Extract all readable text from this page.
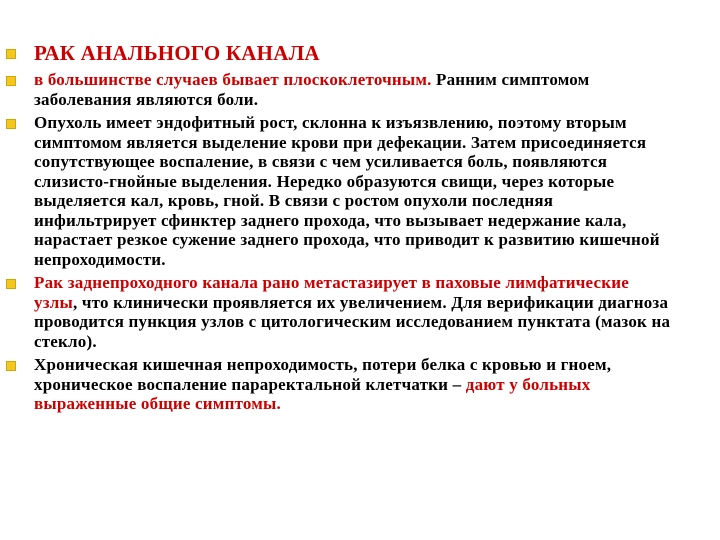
РАК АНАЛЬНОГО КАНАЛА
в большинстве случаев бывает плоскоклеточным. Ранним симптомом заболевания являются боли.
Опухоль имеет эндофитный рост, склонна к изъязвлению, поэтому вторым симптомом является выделение крови при дефекации. Затем присоединяется сопутствующее воспаление, в связи с чем усиливается боль, появляются слизисто-гнойные выделения. Нередко образуются свищи, через которые выделяется кал, кровь, гной. В связи с ростом опухоли последняя инфильтрирует сфинктер заднего прохода, что вызывает недержание кала, нарастает резкое сужение заднего прохода, что приводит к развитию кишечной непроходимости.
Рак заднепроходного канала рано метастазирует в паховые лимфатические узлы, что клинически проявляется их увеличением. Для верификации диагноза проводится пункция узлов с цитологическим исследованием пунктата (мазок на стекло).
Хроническая кишечная непроходимость, потери белка с кровью и гноем, хроническое воспаление параректальной клетчатки – дают у больных выраженные общие симптомы.
